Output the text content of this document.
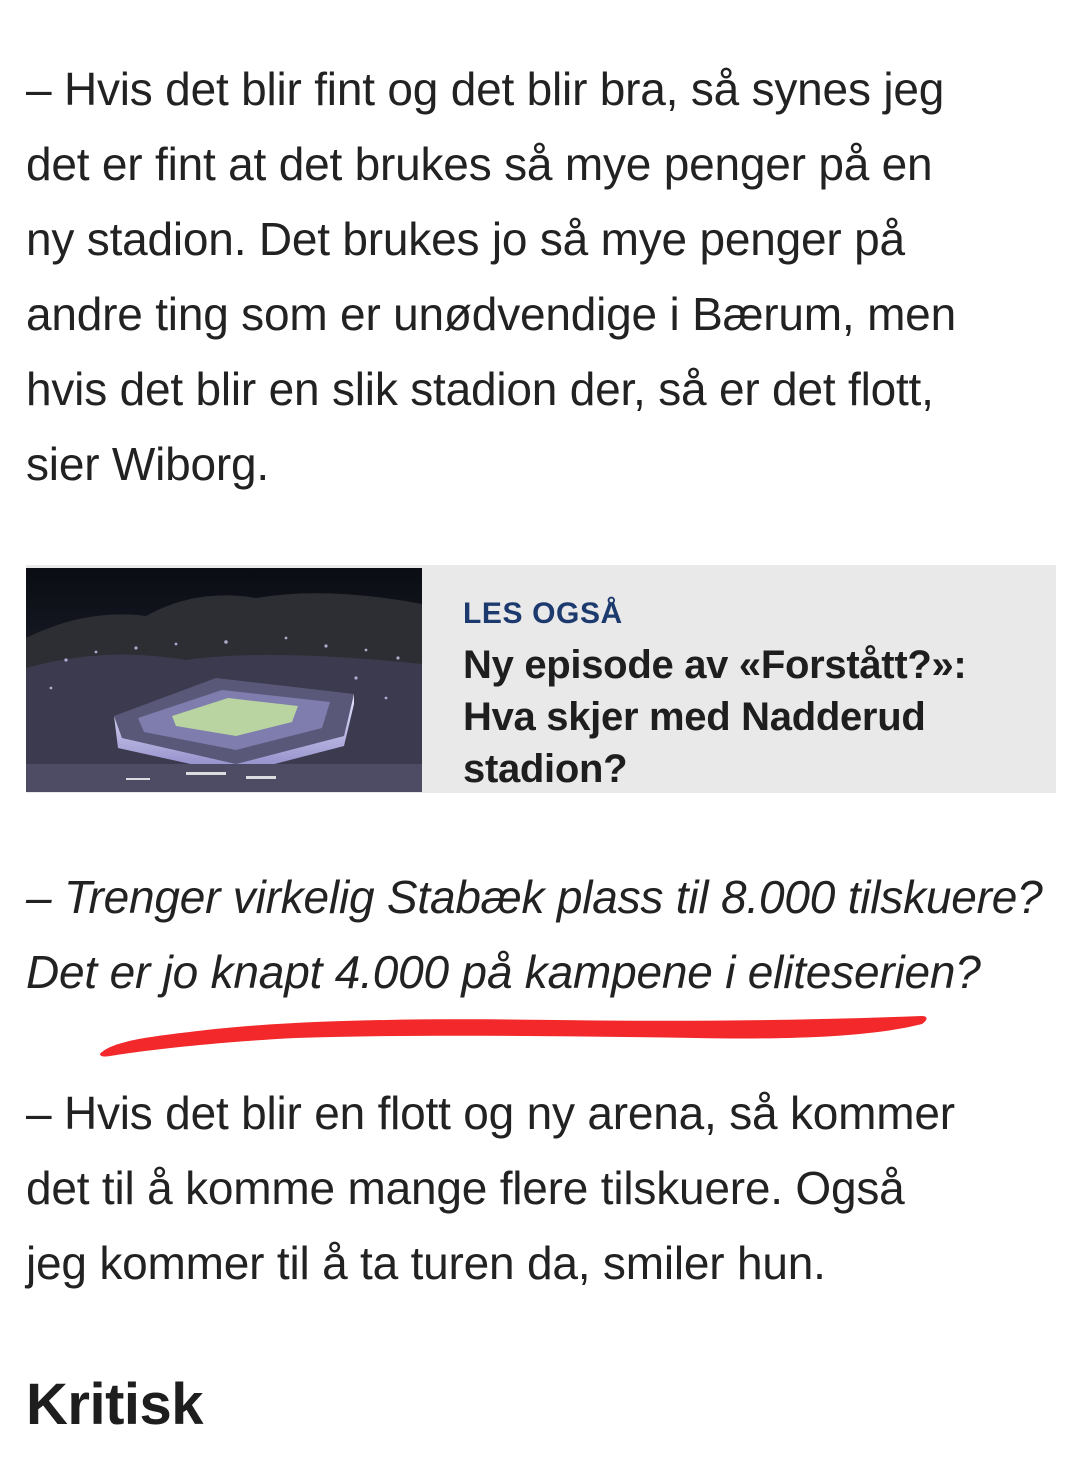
– Hvis det blir fint og det blir bra, så synes jeg
det er fint at det brukes så mye penger på en
ny stadion. Det brukes jo så mye penger på
andre ting som er unødvendige i Bærum, men
hvis det blir en slik stadion der, så er det flott,
sier Wiborg.

LES OGSÅ
Ny episode av «Forstått?»:
Hva skjer med Nadderud
stadion?

– Trenger virkelig Stabæk plass til 8.000 tilskuere?
Det er jo knapt 4.000 på kampene i eliteserien?

– Hvis det blir en flott og ny arena, så kommer
det til å komme mange flere tilskuere. Også
jeg kommer til å ta turen da, smiler hun.

Kritisk
